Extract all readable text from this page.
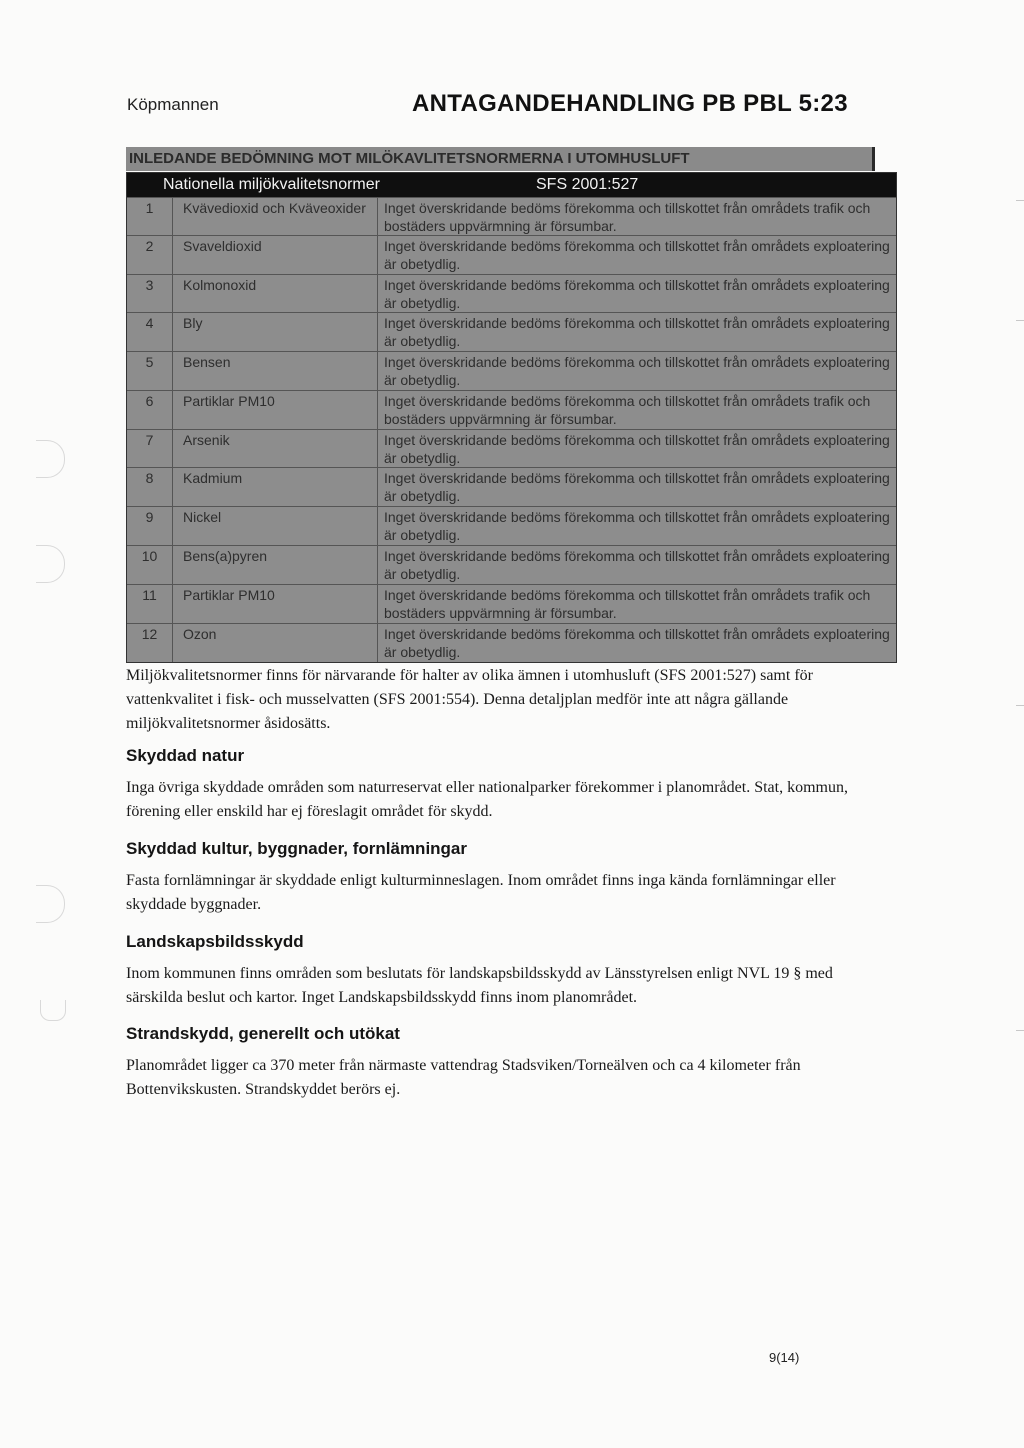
Köpmannen	ANTAGANDEHANDLING PB PBL 5:23
INLEDANDE BEDÖMNING MOT MILÖKAVLITETSNORMERNA I UTOMHUSLUFT
Nationella miljökvalitetsnormer	SFS 2001:527
1	Kvävedioxid och Kväveoxider	Inget överskridande bedöms förekomma och tillskottet från områdets trafik och bostäders uppvärmning är försumbar.
2	Svaveldioxid	Inget överskridande bedöms förekomma och tillskottet från områdets exploatering är obetydlig.
3	Kolmonoxid	Inget överskridande bedöms förekomma och tillskottet från områdets exploatering är obetydlig.
4	Bly	Inget överskridande bedöms förekomma och tillskottet från områdets exploatering är obetydlig.
5	Bensen	Inget överskridande bedöms förekomma och tillskottet från områdets exploatering är obetydlig.
6	Partiklar PM10	Inget överskridande bedöms förekomma och tillskottet från områdets trafik och bostäders uppvärmning är försumbar.
7	Arsenik	Inget överskridande bedöms förekomma och tillskottet från områdets exploatering är obetydlig.
8	Kadmium	Inget överskridande bedöms förekomma och tillskottet från områdets exploatering är obetydlig.
9	Nickel	Inget överskridande bedöms förekomma och tillskottet från områdets exploatering är obetydlig.
10	Bens(a)pyren	Inget överskridande bedöms förekomma och tillskottet från områdets exploatering är obetydlig.
11	Partiklar PM10	Inget överskridande bedöms förekomma och tillskottet från områdets trafik och bostäders uppvärmning är försumbar.
12	Ozon	Inget överskridande bedöms förekomma och tillskottet från områdets exploatering är obetydlig.

Miljökvalitetsnormer finns för närvarande för halter av olika ämnen i utomhusluft (SFS 2001:527) samt för vattenkvalitet i fisk- och musselvatten (SFS 2001:554). Denna detaljplan medför inte att några gällande miljökvalitetsnormer åsidosätts.

Skyddad natur

Inga övriga skyddade områden som naturreservat eller nationalparker förekommer i planområdet. Stat, kommun, förening eller enskild har ej föreslagit området för skydd.

Skyddad kultur, byggnader, fornlämningar

Fasta fornlämningar är skyddade enligt kulturminneslagen. Inom området finns inga kända fornlämningar eller skyddade byggnader.

Landskapsbildsskydd

Inom kommunen finns områden som beslutats för landskapsbildsskydd av Länsstyrelsen enligt NVL 19 § med särskilda beslut och kartor. Inget Landskapsbildsskydd finns inom planområdet.

Strandskydd, generellt och utökat

Planområdet ligger ca 370 meter från närmaste vattendrag Stadsviken/Torneälven och ca 4 kilometer från Bottenvikskusten. Strandskyddet berörs ej.

9(14)
